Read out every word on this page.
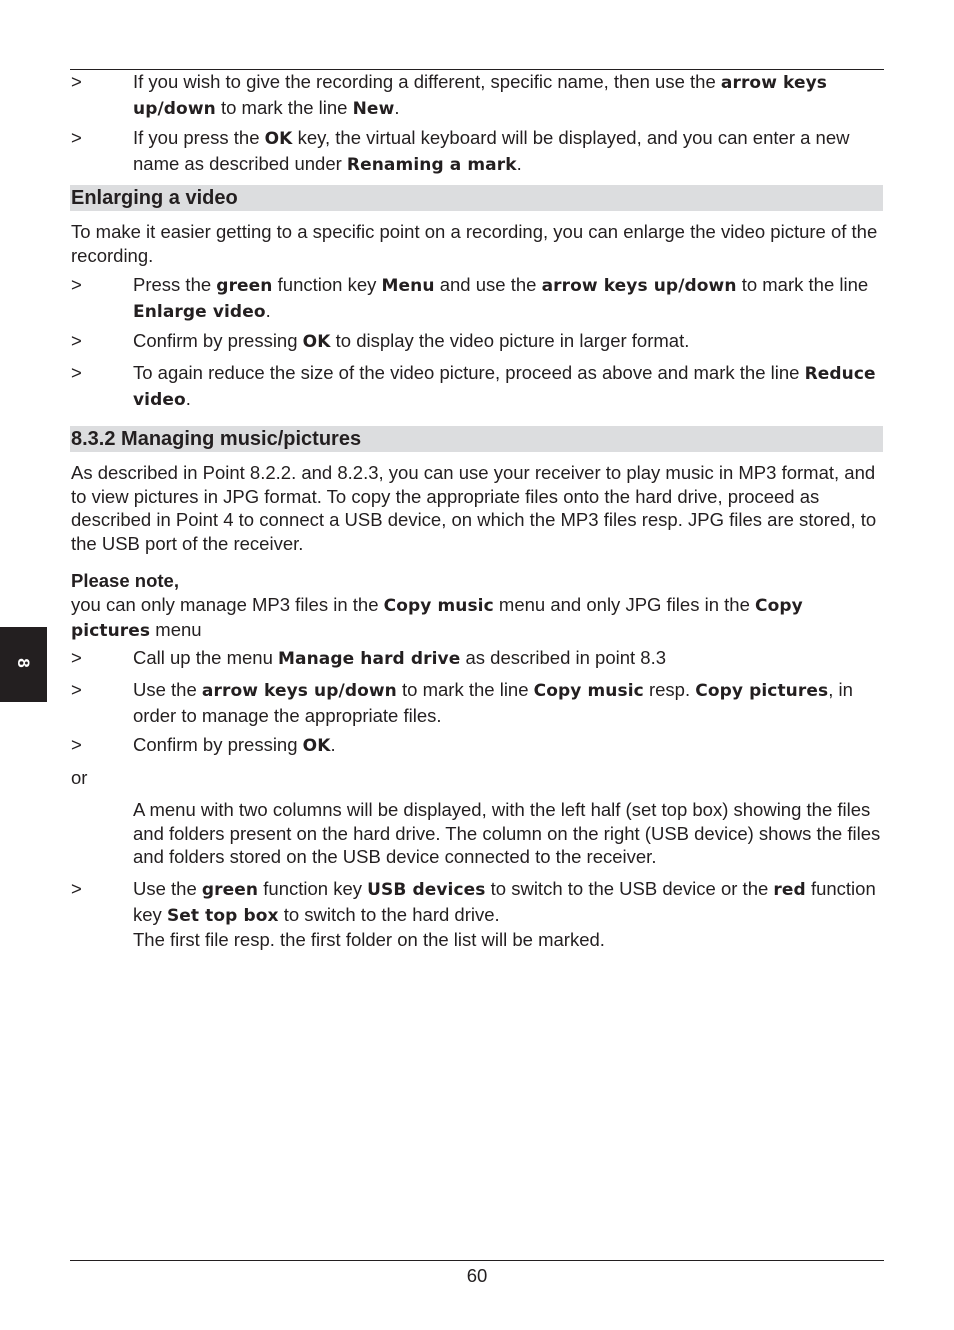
>	If you wish to give the recording a different, specific name, then use the arrow keys up/down to mark the line New.
>	If you press the OK key, the virtual keyboard will be displayed, and you can enter a new name as described under Renaming a mark.
Enlarging a video
To make it easier getting to a specific point on a recording, you can enlarge the video picture of the recording.
>	Press the green function key Menu and use the arrow keys up/down to mark the line Enlarge video.
>	Confirm by pressing OK to display the video picture in larger format.
>	To again reduce the size of the video picture, proceed as above and mark the line Reduce video.
8.3.2 Managing music/pictures
As described in Point 8.2.2. and 8.2.3, you can use your receiver to play music in MP3 format, and to view pictures in JPG format. To copy the appropriate files onto the hard drive, proceed as described in Point 4 to connect a USB device, on which the MP3 files resp. JPG files are stored, to the USB port of the receiver.
Please note,
you can only manage MP3 files in the Copy music menu and only JPG files in the Copy pictures menu
>	Call up the menu Manage hard drive as described in point 8.3
>	Use the arrow keys up/down to mark the line Copy music resp. Copy pictures, in order to manage the appropriate files.
>	Confirm by pressing OK.
or
A menu with two columns will be displayed, with the left half (set top box) showing the files and folders present on the hard drive. The column on the right (USB device) shows the files and folders stored on the USB device connected to the receiver.
>	Use the green function key USB devices to switch to the USB device or the red function key Set top box to switch to the hard drive.
The first file resp. the first folder on the list will be marked.
8
60
